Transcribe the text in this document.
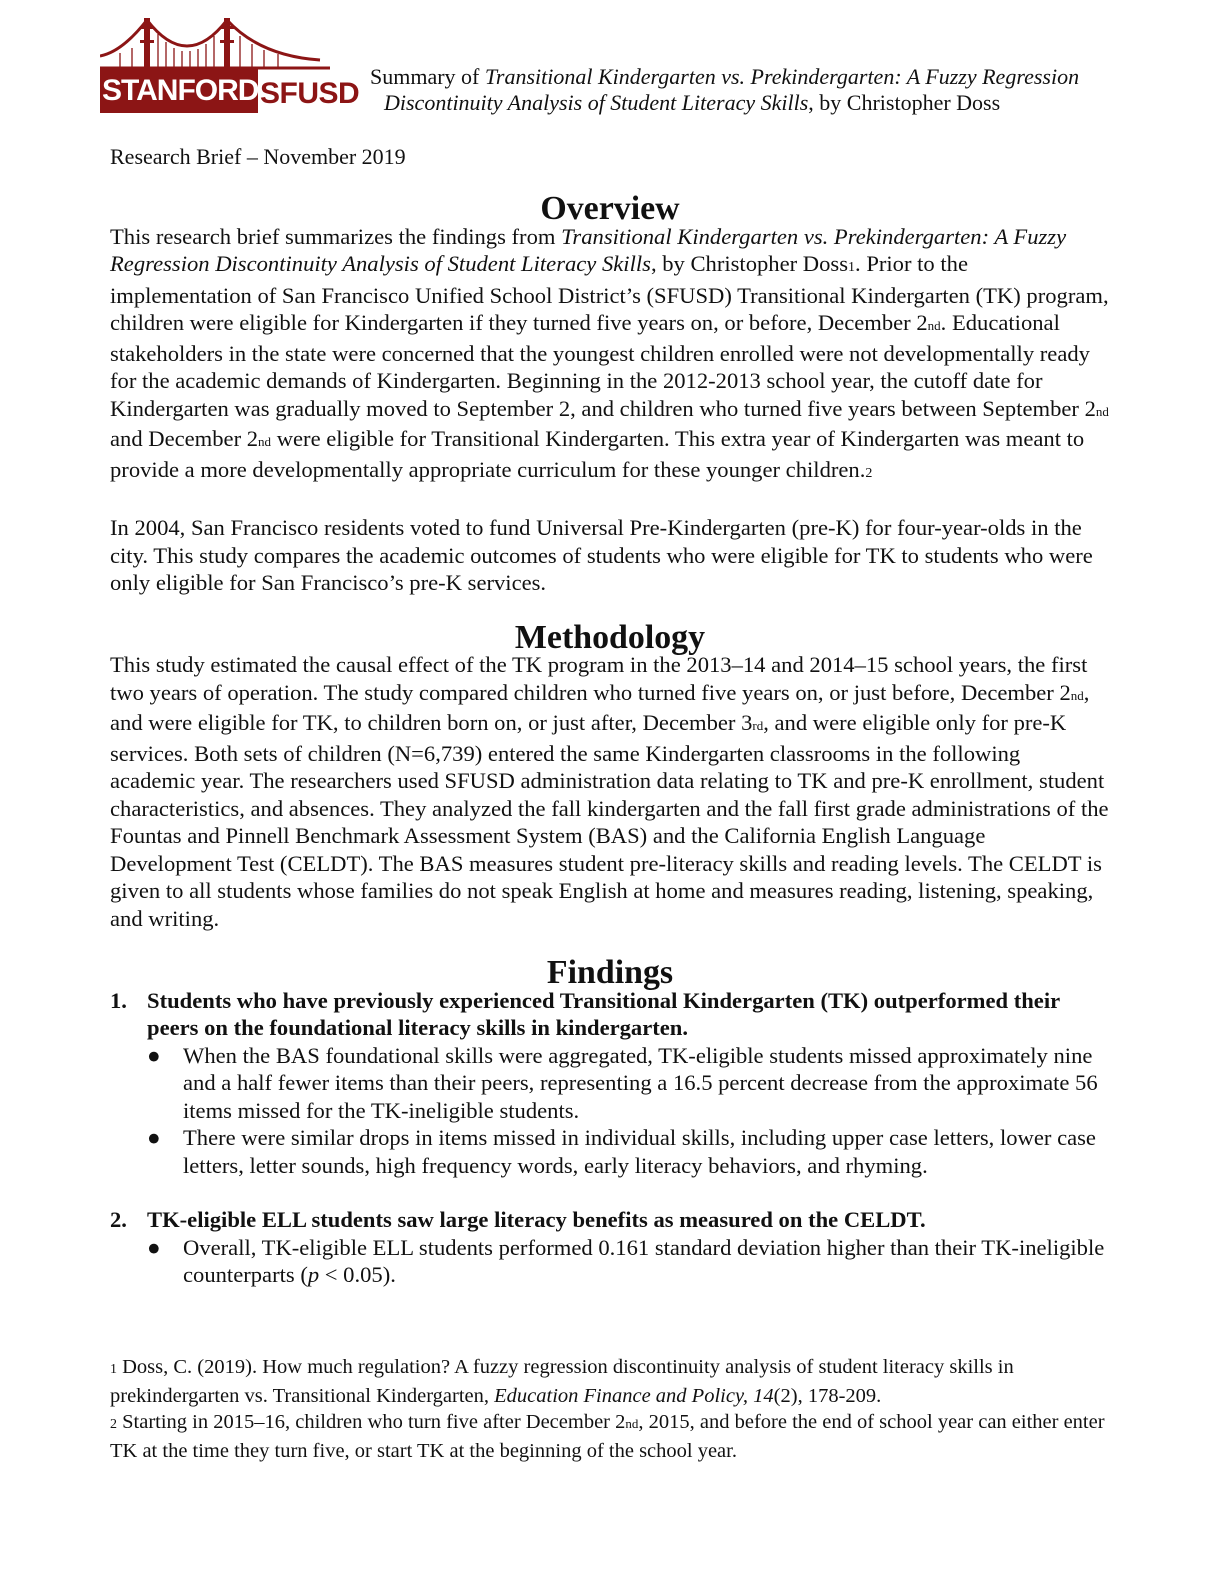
STANFORD SFUSD
Summary of Transitional Kindergarten vs. Prekindergarten: A Fuzzy Regression
Discontinuity Analysis of Student Literacy Skills, by Christopher Doss
Research Brief – November 2019
Overview

This research brief summarizes the findings from Transitional Kindergarten vs. Prekindergarten: A Fuzzy Regression Discontinuity Analysis of Student Literacy Skills, by Christopher Doss1. Prior to the implementation of San Francisco Unified School District’s (SFUSD) Transitional Kindergarten (TK) program, children were eligible for Kindergarten if they turned five years on, or before, December 2nd. Educational stakeholders in the state were concerned that the youngest children enrolled were not developmentally ready for the academic demands of Kindergarten. Beginning in the 2012-2013 school year, the cutoff date for Kindergarten was gradually moved to September 2, and children who turned five years between September 2nd and December 2nd were eligible for Transitional Kindergarten. This extra year of Kindergarten was meant to provide a more developmentally appropriate curriculum for these younger children.2

In 2004, San Francisco residents voted to fund Universal Pre-Kindergarten (pre-K) for four-year-olds in the city. This study compares the academic outcomes of students who were eligible for TK to students who were only eligible for San Francisco’s pre-K services.

Methodology

This study estimated the causal effect of the TK program in the 2013–14 and 2014–15 school years, the first two years of operation. The study compared children who turned five years on, or just before, December 2nd, and were eligible for TK, to children born on, or just after, December 3rd, and were eligible only for pre-K services. Both sets of children (N=6,739) entered the same Kindergarten classrooms in the following academic year. The researchers used SFUSD administration data relating to TK and pre-K enrollment, student characteristics, and absences. They analyzed the fall kindergarten and the fall first grade administrations of the Fountas and Pinnell Benchmark Assessment System (BAS) and the California English Language Development Test (CELDT). The BAS measures student pre-literacy skills and reading levels. The CELDT is given to all students whose families do not speak English at home and measures reading, listening, speaking, and writing.

Findings
1. Students who have previously experienced Transitional Kindergarten (TK) outperformed their peers on the foundational literacy skills in kindergarten.
● When the BAS foundational skills were aggregated, TK-eligible students missed approximately nine and a half fewer items than their peers, representing a 16.5 percent decrease from the approximate 56 items missed for the TK-ineligible students.
● There were similar drops in items missed in individual skills, including upper case letters, lower case letters, letter sounds, high frequency words, early literacy behaviors, and rhyming.
2. TK-eligible ELL students saw large literacy benefits as measured on the CELDT.
● Overall, TK-eligible ELL students performed 0.161 standard deviation higher than their TK-ineligible counterparts (p < 0.05).
1 Doss, C. (2019). How much regulation? A fuzzy regression discontinuity analysis of student literacy skills in prekindergarten vs. Transitional Kindergarten, Education Finance and Policy, 14(2), 178-209.
2 Starting in 2015–16, children who turn five after December 2nd, 2015, and before the end of school year can either enter TK at the time they turn five, or start TK at the beginning of the school year.
